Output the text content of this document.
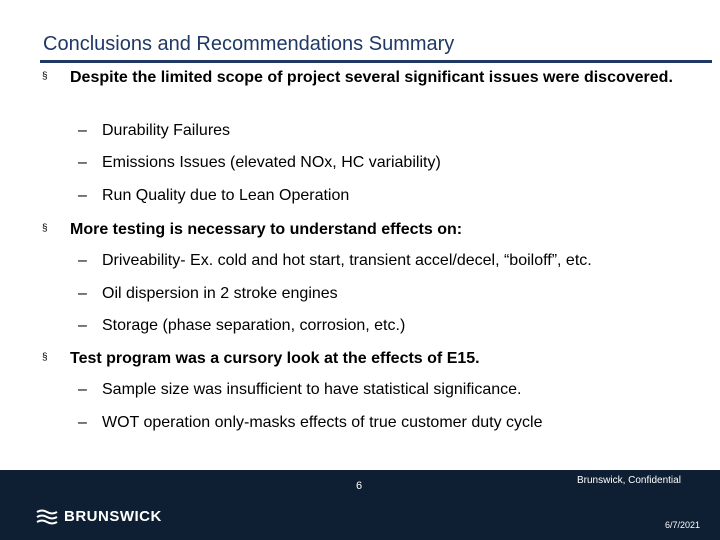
Conclusions and Recommendations Summary
§ Despite the limited scope of project several significant issues were discovered.
– Durability Failures
– Emissions Issues (elevated NOx, HC variability)
– Run Quality due to Lean Operation
§ More testing is necessary to understand effects on:
– Driveability- Ex. cold and hot start, transient accel/decel, “boiloff”, etc.
– Oil dispersion in 2 stroke engines
– Storage (phase separation, corrosion, etc.)
§ Test program was a cursory look at the effects of E15.
– Sample size was insufficient to have statistical significance.
– WOT operation only-masks effects of true customer duty cycle
BRUNSWICK
6	Brunswick, Confidential
6/7/2021
